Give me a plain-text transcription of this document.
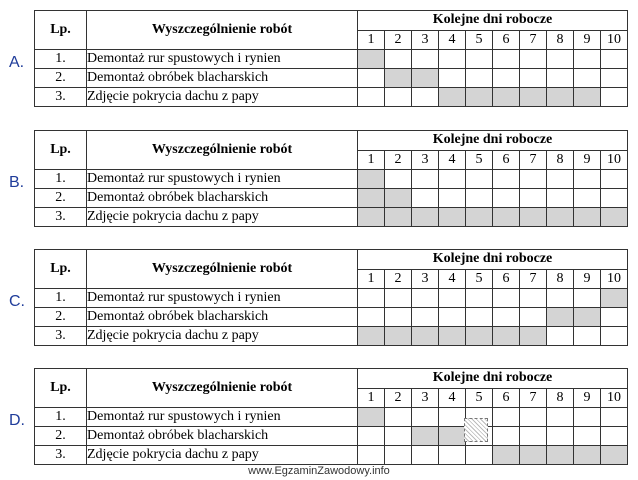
A.
Lp.	Wyszczególnienie robót	Kolejne dni robocze									
		1	2	3	4	5	6	7	8	9	10
1.	Demontaż rur spustowych i rynien										
2.	Demontaż obróbek blacharskich										
3.	Zdjęcie pokrycia dachu z papy										
B.
Lp.	Wyszczególnienie robót	Kolejne dni robocze									
		1	2	3	4	5	6	7	8	9	10
1.	Demontaż rur spustowych i rynien										
2.	Demontaż obróbek blacharskich										
3.	Zdjęcie pokrycia dachu z papy										
C.
Lp.	Wyszczególnienie robót	Kolejne dni robocze									
		1	2	3	4	5	6	7	8	9	10
1.	Demontaż rur spustowych i rynien										
2.	Demontaż obróbek blacharskich										
3.	Zdjęcie pokrycia dachu z papy										
D.
Lp.	Wyszczególnienie robót	Kolejne dni robocze									
		1	2	3	4	5	6	7	8	9	10
1.	Demontaż rur spustowych i rynien										
2.	Demontaż obróbek blacharskich										
3.	Zdjęcie pokrycia dachu z papy										
www.EgzaminZawodowy.info
